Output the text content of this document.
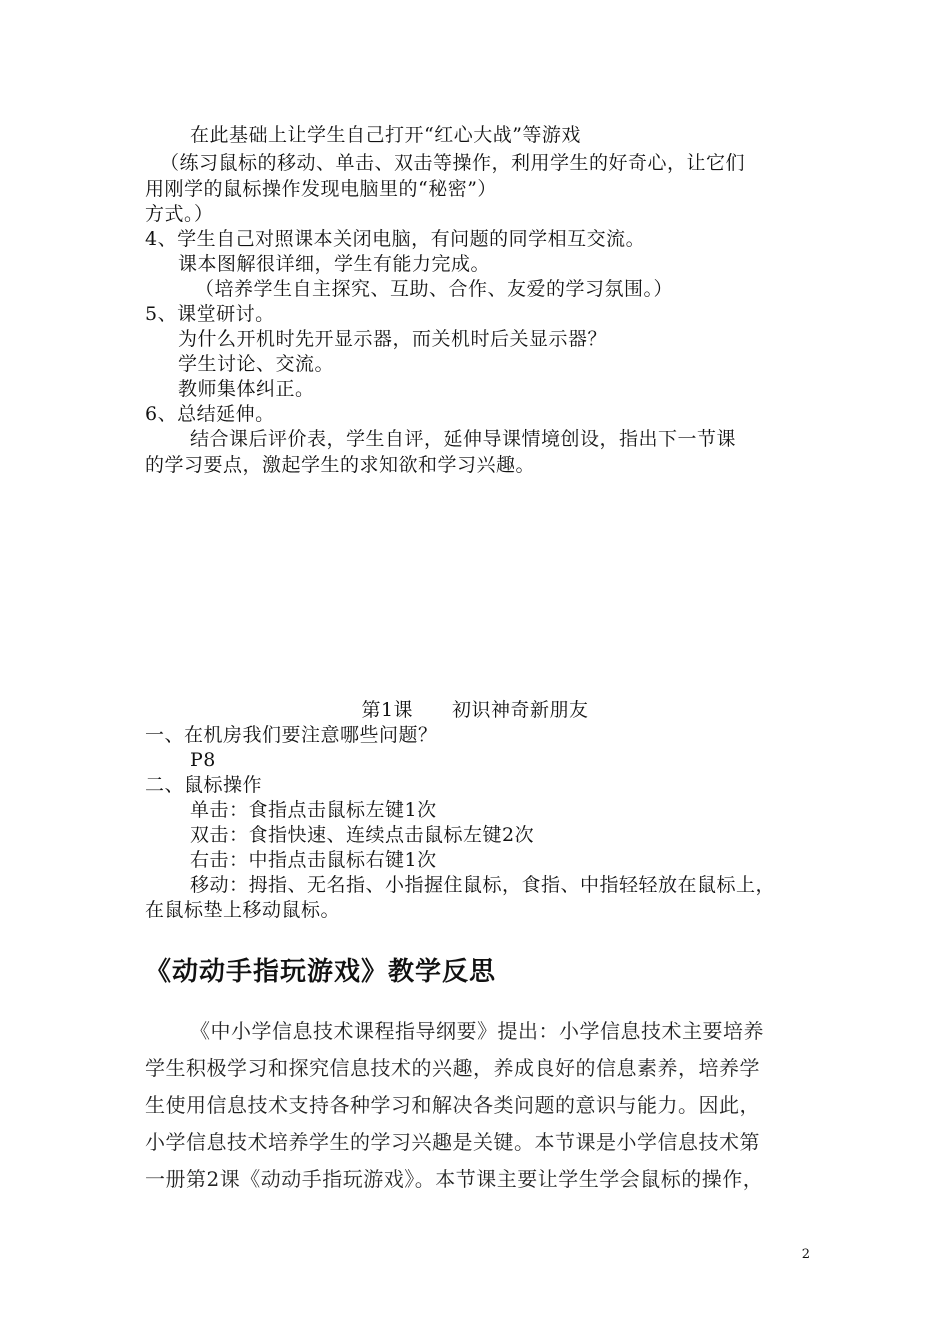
在此基础上让学生自己打开“红心大战”等游戏
（练习鼠标的移动、单击、双击等操作，利用学生的好奇心，让它们
用刚学的鼠标操作发现电脑里的“秘密”）
方式。）
4、学生自己对照课本关闭电脑，有问题的同学相互交流。
课本图解很详细，学生有能力完成。
（培养学生自主探究、互助、合作、友爱的学习氛围。）
5、课堂研讨。
为什么开机时先开显示器，而关机时后关显示器？
学生讨论、交流。
教师集体纠正。
6、总结延伸。
结合课后评价表，学生自评，延伸导课情境创设，指出下一节课
的学习要点，激起学生的求知欲和学习兴趣。
第1课　　初识神奇新朋友
一、在机房我们要注意哪些问题？
P8
二、鼠标操作
单击：食指点击鼠标左键1次
双击：食指快速、连续点击鼠标左键2次
右击：中指点击鼠标右键1次
移动：拇指、无名指、小指握住鼠标，食指、中指轻轻放在鼠标上，
在鼠标垫上移动鼠标。
《动动手指玩游戏》教学反思
《中小学信息技术课程指导纲要》提出：小学信息技术主要培养
学生积极学习和探究信息技术的兴趣，养成良好的信息素养，培养学
生使用信息技术支持各种学习和解决各类问题的意识与能力。因此，
小学信息技术培养学生的学习兴趣是关键。本节课是小学信息技术第
一册第2课《动动手指玩游戏》。本节课主要让学生学会鼠标的操作，
2
